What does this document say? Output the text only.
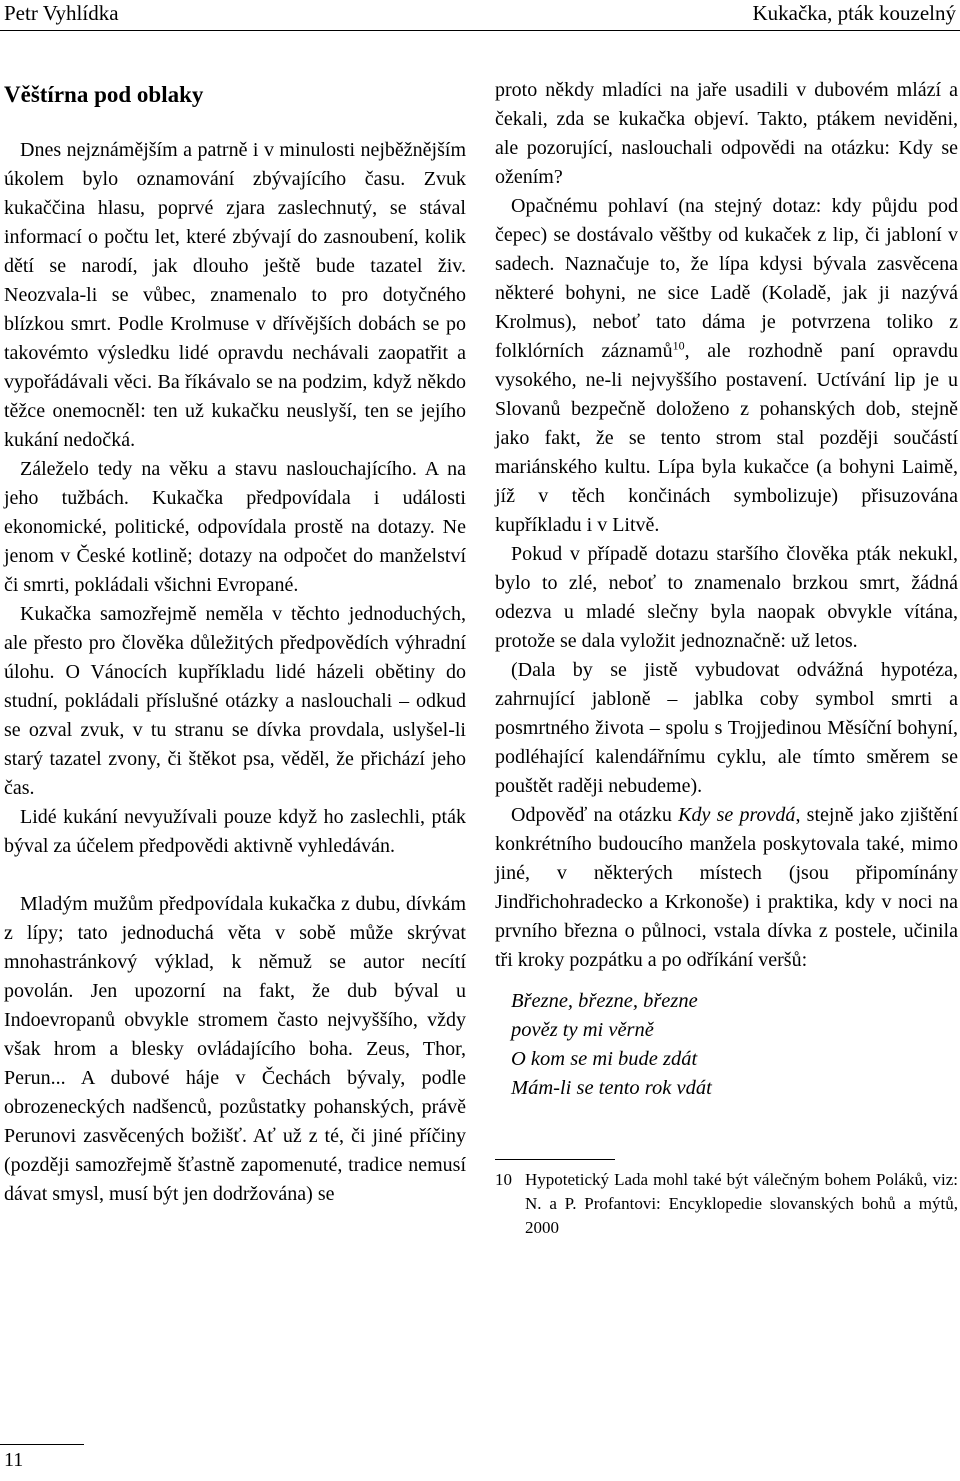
Petr Vyhlídka	Kukačka, pták kouzelný
Věštírna pod oblaky

Dnes nejznámějším a patrně i v minulosti nejběžnějším úkolem bylo oznamování zbývajícího času. Zvuk kukaččina hlasu, poprvé zjara zaslechnutý, se stával informací o počtu let, které zbývají do zasnoubení, kolik dětí se narodí, jak dlouho ještě bude tazatel živ. Neozvala-li se vůbec, znamenalo to pro dotyčného blízkou smrt. Podle Krolmuse v dřívějších dobách se po takovémto výsledku lidé opravdu nechávali zaopatřit a vypořádávali věci. Ba říkávalo se na podzim, když někdo těžce onemocněl: ten už kukačku neuslyší, ten se jejího kukání nedočká.

Záleželo tedy na věku a stavu naslouchajícího. A na jeho tužbách. Kukačka předpovídala i události ekonomické, politické, odpovídala prostě na dotazy. Ne jenom v České kotlině; dotazy na odpočet do manželství či smrti, pokládali všichni Evropané.

Kukačka samozřejmě neměla v těchto jednoduchých, ale přesto pro člověka důležitých předpovědích výhradní úlohu. O Vánocích kupříkladu lidé házeli obětiny do studní, pokládali příslušné otázky a naslouchali – odkud se ozval zvuk, v tu stranu se dívka provdala, uslyšel-li starý tazatel zvony, či štěkot psa, věděl, že přichází jeho čas.

Lidé kukání nevyužívali pouze když ho zaslechli, pták býval za účelem předpovědi aktivně vyhledáván.

Mladým mužům předpovídala kukačka z dubu, dívkám z lípy; tato jednoduchá věta v sobě může skrývat mnohastránkový výklad, k němuž se autor necítí povolán. Jen upozorní na fakt, že dub býval u Indoevropanů obvykle stromem často nejvyššího, vždy však hrom a blesky ovládajícího boha. Zeus, Thor, Perun... A dubové háje v Čechách bývaly, podle obrozeneckých nadšenců, pozůstatky pohanských, právě Perunovi zasvěcených božišť. Ať už z té, či jiné příčiny (později samozřejmě šťastně zapomenuté, tradice nemusí dávat smysl, musí být jen dodržována) se

proto někdy mladíci na jaře usadili v dubovém mlází a čekali, zda se kukačka objeví. Takto, ptákem neviděni, ale pozorující, naslouchali odpovědi na otázku: Kdy se ožením?

Opačnému pohlaví (na stejný dotaz: kdy půjdu pod čepec) se dostávalo věštby od kukaček z lip, či jabloní v sadech. Naznačuje to, že lípa kdysi bývala zasvěcena některé bohyni, ne sice Ladě (Koladě, jak ji nazývá Krolmus), neboť tato dáma je potvrzena toliko z folklórních záznamů$^{10}$, ale rozhodně paní opravdu vysokého, ne-li nejvyššího postavení. Uctívání lip je u Slovanů bezpečně doloženo z pohanských dob, stejně jako fakt, že se tento strom stal později součástí mariánského kultu. Lípa byla kukačce (a bohyni Laimě, jíž v těch končinách symbolizuje) přisuzována kupříkladu i v Litvě.

Pokud v případě dotazu staršího člověka pták nekukl, bylo to zlé, neboť to znamenalo brzkou smrt, žádná odezva u mladé slečny byla naopak obvykle vítána, protože se dala vyložit jednoznačně: už letos.

(Dala by se jistě vybudovat odvážná hypotéza, zahrnující jabloně – jablka coby symbol smrti a posmrtného života – spolu s Trojjedinou Měsíční bohyní, podléhající kalendářnímu cyklu, ale tímto směrem se pouštět raději nebudeme).

Odpověď na otázku Kdy se provdá, stejně jako zjištění konkrétního budoucího manžela poskytovala také, mimo jiné, v některých místech (jsou připomínány Jindřichohradecko a Krkonoše) i praktika, kdy v noci na prvního března o půlnoci, vstala dívka z postele, učinila tři kroky pozpátku a po odříkání veršů:

Březne, březne, březne
pověz ty mi věrně
O kom se mi bude zdát
Mám-li se tento rok vdát
10 Hypotetický Lada mohl také být válečným bohem Poláků, viz: N. a P. Profantovi: Encyklopedie slovanských bohů a mýtů, 2000
11
